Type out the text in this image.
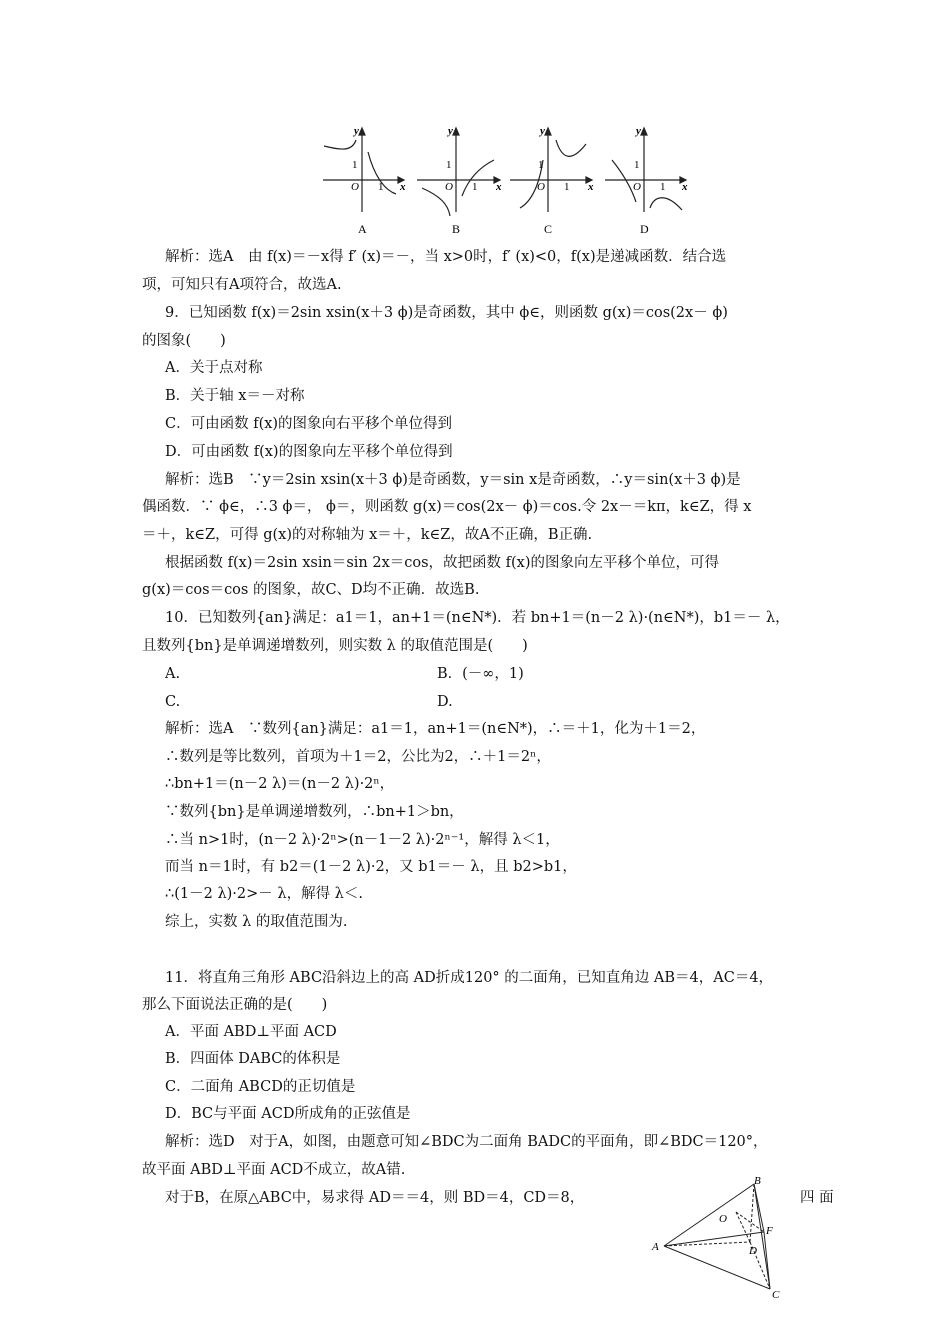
y	y	y	y
x	x	x	x
O	O	O	O
1	1	1	1
1	1	1	1
A	B	C	D
解析：选A　由 f(x)＝－x得 f′ (x)＝－，当 x>0时，f′ (x)<0，f(x)是递减函数．结合选
项，可知只有A项符合，故选A.
9．已知函数 f(x)＝2sin xsin(x＋3 ϕ)是奇函数，其中 ϕ∈，则函数 g(x)＝cos(2x－ ϕ)
的图象(　　)
A．关于点对称
B．关于轴 x＝－对称
C．可由函数 f(x)的图象向右平移个单位得到
D．可由函数 f(x)的图象向左平移个单位得到
解析：选B　∵y＝2sin xsin(x＋3 ϕ)是奇函数，y＝sin x是奇函数，∴y＝sin(x＋3 ϕ)是
偶函数．∵ ϕ∈，∴3 ϕ＝， ϕ＝，则函数 g(x)＝cos(2x－ ϕ)＝cos.令 2x－＝kπ，k∈Z，得 x
＝＋，k∈Z，可得 g(x)的对称轴为 x＝＋，k∈Z，故A不正确，B正确.
根据函数 f(x)＝2sin xsin＝sin 2x＝cos，故把函数 f(x)的图象向左平移个单位，可得
g(x)＝cos＝cos 的图象，故C、D均不正确．故选B.
10．已知数列{an}满足：a1＝1，an+1＝(n∈N*)．若 bn+1＝(n－2 λ)·(n∈N*)，b1＝－ λ，
且数列{bn}是单调递增数列，则实数 λ 的取值范围是(　　)
A.	B．(－∞，1)
C.	D.
解析：选A　∵数列{an}满足：a1＝1，an+1＝(n∈N*)，∴＝＋1，化为＋1＝2，
∴数列是等比数列，首项为＋1＝2，公比为2，∴＋1＝2ⁿ，
∴bn+1＝(n－2 λ)＝(n－2 λ)·2ⁿ，
∵数列{bn}是单调递增数列，∴bn+1＞bn，
∴当 n>1时，(n－2 λ)·2ⁿ>(n－1－2 λ)·2ⁿ⁻¹，解得 λ＜1，
而当 n＝1时，有 b2＝(1－2 λ)·2，又 b1＝－ λ，且 b2>b1，
∴(1－2 λ)·2>－ λ，解得 λ＜.
综上，实数 λ 的取值范围为.
11．将直角三角形 ABC沿斜边上的高 AD折成120° 的二面角，已知直角边 AB＝4，AC＝4，
那么下面说法正确的是(　　)
A．平面 ABD⊥平面 ACD
B．四面体 DABC的体积是
C．二面角 ABCD的正切值是
D．BC与平面 ACD所成角的正弦值是
解析：选D　对于A，如图，由题意可知∠BDC为二面角 BADC的平面角，即∠BDC＝120°，
故平面 ABD⊥平面 ACD不成立，故A错.
对于B，在原△ABC中，易求得 AD＝＝4，则 BD＝4，CD＝8，	四 面
B
A
C
D
O
F
